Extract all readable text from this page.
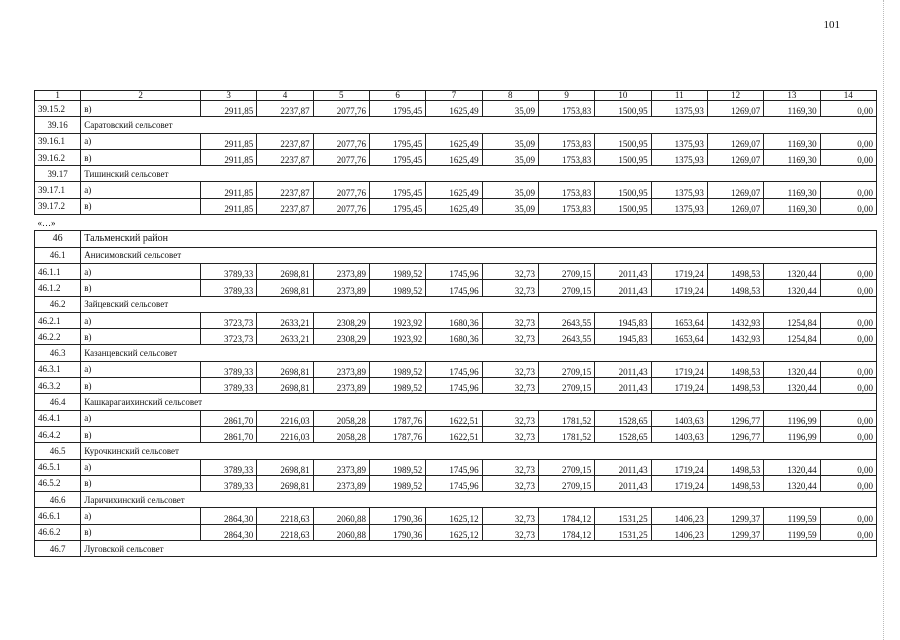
101
1	2	3	4	5	6	7	8	9	10	11	12	13	14
39.15.2	в)	2911,85	2237,87	2077,76	1795,45	1625,49	35,09	1753,83	1500,95	1375,93	1269,07	1169,30	0,00
39.16	Саратовский сельсовет												
39.16.1	а)	2911,85	2237,87	2077,76	1795,45	1625,49	35,09	1753,83	1500,95	1375,93	1269,07	1169,30	0,00
39.16.2	в)	2911,85	2237,87	2077,76	1795,45	1625,49	35,09	1753,83	1500,95	1375,93	1269,07	1169,30	0,00
39.17	Тишинский сельсовет												
39.17.1	а)	2911,85	2237,87	2077,76	1795,45	1625,49	35,09	1753,83	1500,95	1375,93	1269,07	1169,30	0,00
39.17.2	в)	2911,85	2237,87	2077,76	1795,45	1625,49	35,09	1753,83	1500,95	1375,93	1269,07	1169,30	0,00
«…»													
46	Тальменский район												
46.1	Анисимовский сельсовет												
46.1.1	а)	3789,33	2698,81	2373,89	1989,52	1745,96	32,73	2709,15	2011,43	1719,24	1498,53	1320,44	0,00
46.1.2	в)	3789,33	2698,81	2373,89	1989,52	1745,96	32,73	2709,15	2011,43	1719,24	1498,53	1320,44	0,00
46.2	Зайцевский сельсовет												
46.2.1	а)	3723,73	2633,21	2308,29	1923,92	1680,36	32,73	2643,55	1945,83	1653,64	1432,93	1254,84	0,00
46.2.2	в)	3723,73	2633,21	2308,29	1923,92	1680,36	32,73	2643,55	1945,83	1653,64	1432,93	1254,84	0,00
46.3	Казанцевский сельсовет												
46.3.1	а)	3789,33	2698,81	2373,89	1989,52	1745,96	32,73	2709,15	2011,43	1719,24	1498,53	1320,44	0,00
46.3.2	в)	3789,33	2698,81	2373,89	1989,52	1745,96	32,73	2709,15	2011,43	1719,24	1498,53	1320,44	0,00
46.4	Кашкарагаихинский сельсовет												
46.4.1	а)	2861,70	2216,03	2058,28	1787,76	1622,51	32,73	1781,52	1528,65	1403,63	1296,77	1196,99	0,00
46.4.2	в)	2861,70	2216,03	2058,28	1787,76	1622,51	32,73	1781,52	1528,65	1403,63	1296,77	1196,99	0,00
46.5	Курочкинский сельсовет												
46.5.1	а)	3789,33	2698,81	2373,89	1989,52	1745,96	32,73	2709,15	2011,43	1719,24	1498,53	1320,44	0,00
46.5.2	в)	3789,33	2698,81	2373,89	1989,52	1745,96	32,73	2709,15	2011,43	1719,24	1498,53	1320,44	0,00
46.6	Ларичихинский сельсовет												
46.6.1	а)	2864,30	2218,63	2060,88	1790,36	1625,12	32,73	1784,12	1531,25	1406,23	1299,37	1199,59	0,00
46.6.2	в)	2864,30	2218,63	2060,88	1790,36	1625,12	32,73	1784,12	1531,25	1406,23	1299,37	1199,59	0,00
46.7	Луговской сельсовет												
